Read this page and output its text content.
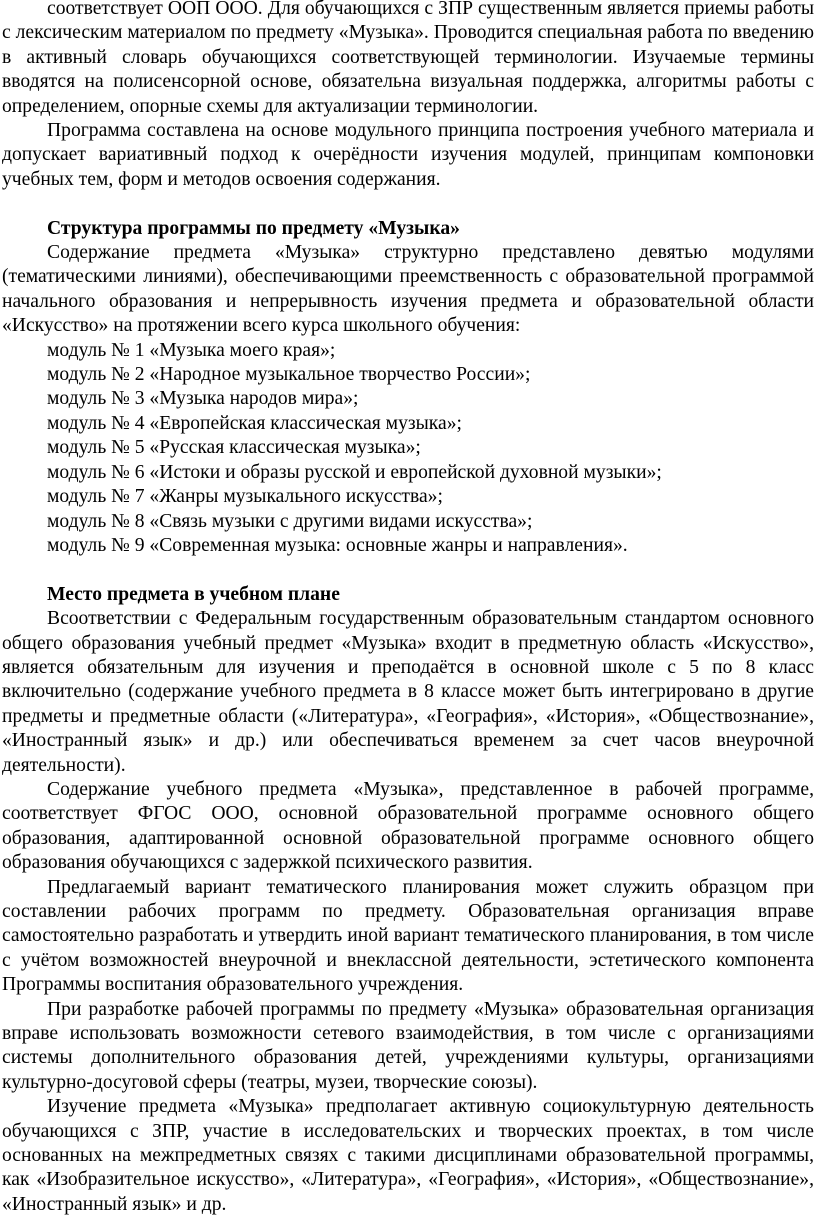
соответствует ООП ООО. Для обучающихся с ЗПР существенным является приемы работы с лексическим материалом по предмету «Музыка». Проводится специальная работа по введению в активный словарь обучающихся соответствующей терминологии. Изучаемые термины вводятся на полисенсорной основе, обязательна визуальная поддержка, алгоритмы работы с определением, опорные схемы для актуализации терминологии.

Программа составлена на основе модульного принципа построения учебного материала и допускает вариативный подход к очерёдности изучения модулей, принципам компоновки учебных тем, форм и методов освоения содержания.

Структура программы по предмету «Музыка»

Содержание предмета «Музыка» структурно представлено девятью модулями (тематическими линиями), обеспечивающими преемственность с образовательной программой начального образования и непрерывность изучения предмета и образовательной области «Искусство» на протяжении всего курса школьного обучения:

модуль № 1 «Музыка моего края»;
модуль № 2 «Народное музыкальное творчество России»;
модуль № 3 «Музыка народов мира»;
модуль № 4 «Европейская классическая музыка»;
модуль № 5 «Русская классическая музыка»;
модуль № 6 «Истоки и образы русской и европейской духовной музыки»;
модуль № 7 «Жанры музыкального искусства»;
модуль № 8 «Связь музыки с другими видами искусства»;
модуль № 9 «Современная музыка: основные жанры и направления».
Место предмета в учебном плане

Всоответствии с Федеральным государственным образовательным стандартом основного общего образования учебный предмет «Музыка» входит в предметную область «Искусство», является обязательным для изучения и преподаётся в основной школе с 5 по 8 класс включительно (содержание учебного предмета в 8 классе может быть интегрировано в другие предметы и предметные области («Литература», «География», «История», «Обществознание», «Иностранный язык» и др.) или обеспечиваться временем за счет часов внеурочной деятельности).

Содержание учебного предмета «Музыка», представленное в рабочей программе, соответствует ФГОС ООО, основной образовательной программе основного общего образования, адаптированной основной образовательной программе основного общего образования обучающихся с задержкой психического развития.

Предлагаемый вариант тематического планирования может служить образцом при составлении рабочих программ по предмету. Образовательная организация вправе самостоятельно разработать и утвердить иной вариант тематического планирования, в том числе с учётом возможностей внеурочной и внеклассной деятельности, эстетического компонента Программы воспитания образовательного учреждения.

При разработке рабочей программы по предмету «Музыка» образовательная организация вправе использовать возможности сетевого взаимодействия, в том числе с организациями системы дополнительного образования детей, учреждениями культуры, организациями культурно-досуговой сферы (театры, музеи, творческие союзы).

Изучение предмета «Музыка» предполагает активную социокультурную деятельность обучающихся с ЗПР, участие в исследовательских и творческих проектах, в том числе основанных на межпредметных связях с такими дисциплинами образовательной программы, как «Изобразительное искусство», «Литература», «География», «История», «Обществознание», «Иностранный язык» и др.
